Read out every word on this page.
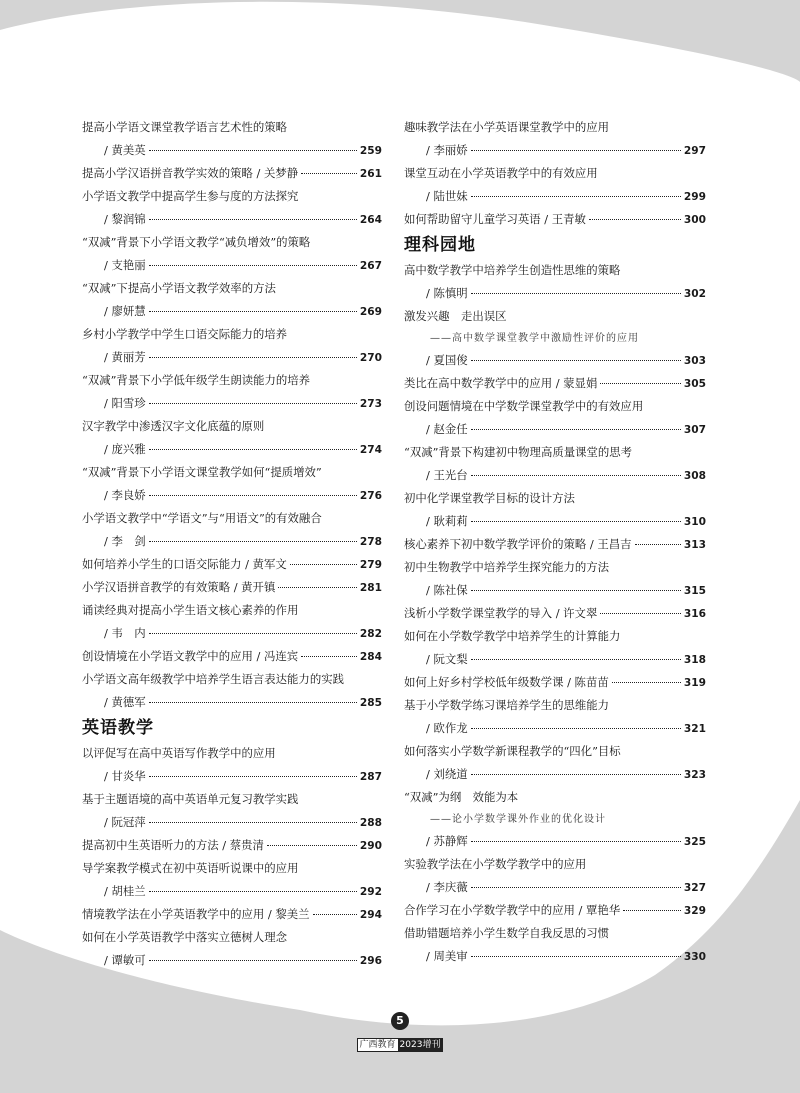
提高小学语文课堂教学语言艺术性的策略
/ 黄美英	259
提高小学汉语拼音教学实效的策略 / 关梦静	261
小学语文教学中提高学生参与度的方法探究
/ 黎润锦	264
“双减”背景下小学语文教学“减负增效”的策略
/ 支艳丽	267
“双减”下提高小学语文教学效率的方法
/ 廖妍慧	269
乡村小学教学中学生口语交际能力的培养
/ 黄丽芳	270
“双减”背景下小学低年级学生朗读能力的培养
/ 阳雪珍	273
汉字教学中渗透汉字文化底蕴的原则
/ 庞兴雅	274
“双减”背景下小学语文课堂教学如何“提质增效”
/ 李良娇	276
小学语文教学中“学语文”与“用语文”的有效融合
/ 李　剑	278
如何培养小学生的口语交际能力 / 黄军文	279
小学汉语拼音教学的有效策略 / 黄开镇	281
诵读经典对提高小学生语文核心素养的作用
/ 韦　内	282
创设情境在小学语文教学中的应用 / 冯连宾	284
小学语文高年级教学中培养学生语言表达能力的实践
/ 黄德军	285
英语教学
以评促写在高中英语写作教学中的应用
/ 甘炎华	287
基于主题语境的高中英语单元复习教学实践
/ 阮冠萍	288
提高初中生英语听力的方法 / 蔡贵清	290
导学案教学模式在初中英语听说课中的应用
/ 胡桂兰	292
情境教学法在小学英语教学中的应用 / 黎美兰	294
如何在小学英语教学中落实立德树人理念
/ 谭敏可	296
趣味教学法在小学英语课堂教学中的应用
/ 李丽娇	297
课堂互动在小学英语教学中的有效应用
/ 陆世妹	299
如何帮助留守儿童学习英语 / 王青敏	300
理科园地
高中数学教学中培养学生创造性思维的策略
/ 陈慎明	302
激发兴趣　走出误区
——高中数学课堂教学中激励性评价的应用
/ 夏国俊	303
类比在高中数学教学中的应用 / 蒙显娟	305
创设问题情境在中学数学课堂教学中的有效应用
/ 赵金任	307
“双减”背景下构建初中物理高质量课堂的思考
/ 王光台	308
初中化学课堂教学目标的设计方法
/ 耿莉莉	310
核心素养下初中数学教学评价的策略 / 王昌吉	313
初中生物教学中培养学生探究能力的方法
/ 陈社保	315
浅析小学数学课堂教学的导入 / 许文翠	316
如何在小学数学教学中培养学生的计算能力
/ 阮文梨	318
如何上好乡村学校低年级数学课 / 陈苗苗	319
基于小学数学练习课培养学生的思维能力
/ 欧作龙	321
如何落实小学数学新课程教学的“四化”目标
/ 刘绕道	323
“双减”为纲　效能为本
——论小学数学课外作业的优化设计
/ 苏静辉	325
实验教学法在小学数学教学中的应用
/ 李庆薇	327
合作学习在小学数学教学中的应用 / 覃艳华	329
借助错题培养小学生数学自我反思的习惯
/ 周美审	330
5
广西教育 2023增刊
